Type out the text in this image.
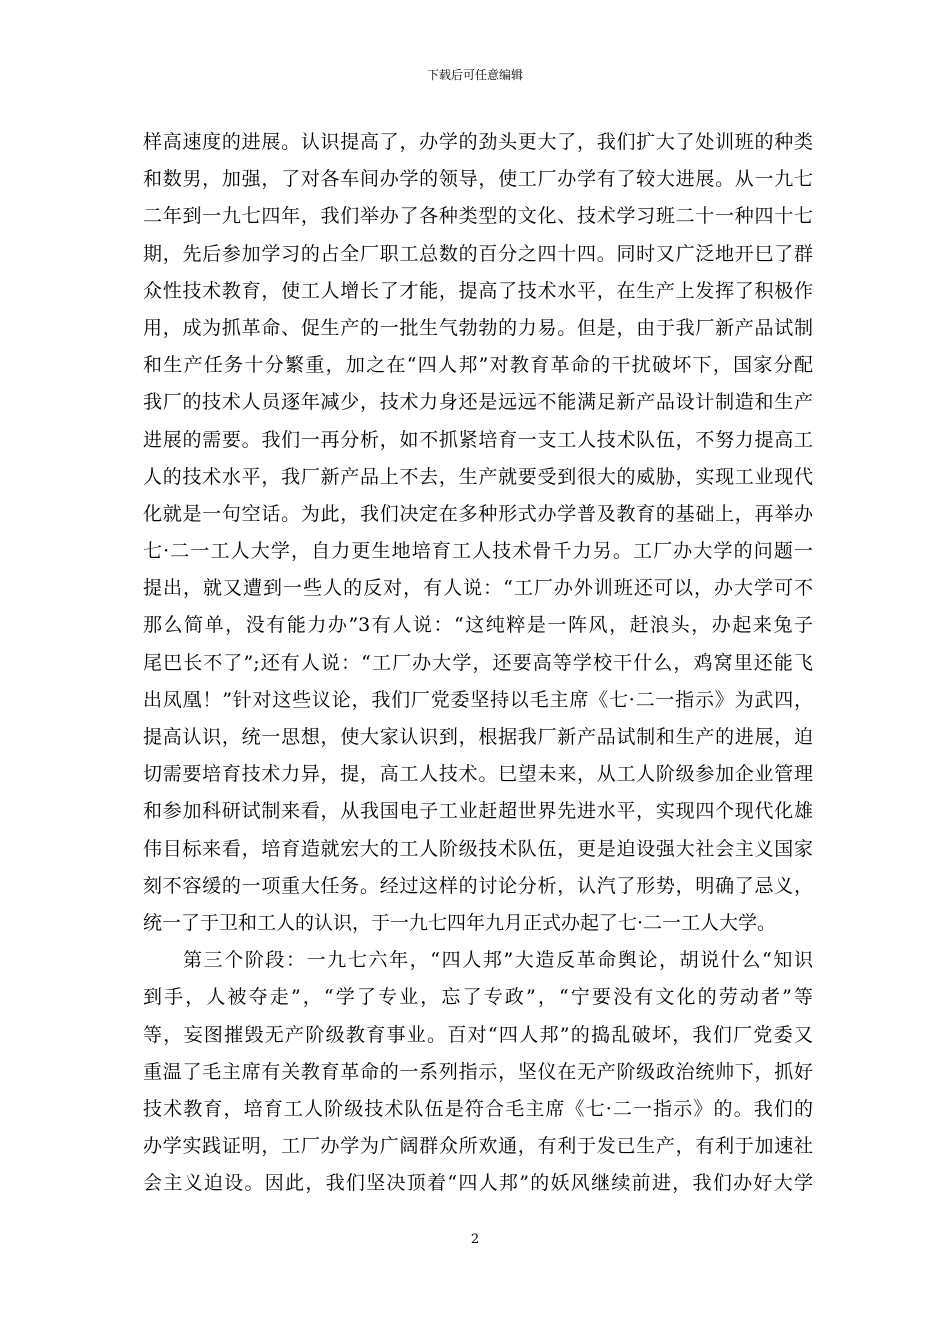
下载后可任意编辑
样高速度的进展。认识提高了，办学的劲头更大了，我们扩大了处训班的种类
和数男，加强，了对各车间办学的领导，使工厂办学有了较大进展。从一九七
二年到一九七四年，我们举办了各种类型的文化、技术学习班二十一种四十七
期，先后参加学习的占全厂职工总数的百分之四十四。同时又广泛地开巳了群
众性技术教育，使工人增长了才能，提高了技术水平，在生产上发挥了积极作
用，成为抓革命、促生产的一批生气勃勃的力易。但是，由于我厂新产品试制
和生产任务十分繁重，加之在“四人邦”对教育革命的干扰破坏下，国家分配
我厂的技术人员逐年减少，技术力身还是远远不能满足新产品设计制造和生产
进展的需要。我们一再分析，如不抓紧培育一支工人技术队伍，不努力提高工
人的技术水平，我厂新产品上不去，生产就要受到很大的威胁，实现工业现代
化就是一句空话。为此，我们决定在多种形式办学普及教育的基础上，再举办
七·二一工人大学，自力更生地培育工人技术骨千力另。工厂办大学的问题一
提出，就又遭到一些人的反对，有人说：“工厂办外训班还可以，办大学可不
那么简单，没有能力办”3有人说：“这纯粹是一阵风，赶浪头，办起来兔子
尾巴长不了”;还有人说：“工厂办大学，还要高等学校干什么，鸡窝里还能飞
出凤凰！”针对这些议论，我们厂党委坚持以毛主席《七·二一指示》为武四，
提高认识，统一思想，使大家认识到，根据我厂新产品试制和生产的进展，迫
切需要培育技术力异，提，高工人技术。巳望未来，从工人阶级参加企业管理
和参加科研试制来看，从我国电子工业赶超世界先进水平，实现四个现代化雄
伟目标来看，培育造就宏大的工人阶级技术队伍，更是迫设强大社会主义国家
刻不容缓的一项重大任务。经过这样的讨论分析，认汽了形势，明确了忌义，
统一了于卫和工人的认识，于一九七四年九月正式办起了七·二一工人大学。
第三个阶段：一九七六年，“四人邦”大造反革命舆论，胡说什么“知识
到手，人被夺走”，“学了专业，忘了专政”，“宁要没有文化的劳动者”等
等，妄图摧毁无产阶级教育事业。百对“四人邦”的捣乱破坏，我们厂党委又
重温了毛主席有关教育革命的一系列指示，坚仪在无产阶级政治统帅下，抓好
技术教育，培育工人阶级技术队伍是符合毛主席《七·二一指示》的。我们的
办学实践证明，工厂办学为广阔群众所欢通，有利于发已生产，有利于加速社
会主义迫设。因此，我们坚决顶着“四人邦”的妖风继续前进，我们办好大学
2
